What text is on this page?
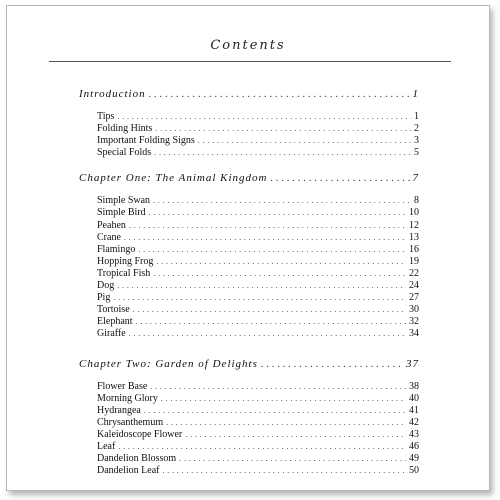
Contents
Introduction . . .	1
Tips . . .	1
Folding Hints . . .	2
Important Folding Signs . . .	3
Special Folds . . .	5
Chapter One: The Animal Kingdom . . .	7
Simple Swan . . .	8
Simple Bird . . .	10
Peahen . . .	12
Crane . . .	13
Flamingo . . .	16
Hopping Frog . . .	19
Tropical Fish . . .	22
Dog . . .	24
Pig . . .	27
Tortoise . . .	30
Elephant . . .	32
Giraffe . . .	34
Chapter Two: Garden of Delights . . .	37
Flower Base . . .	38
Morning Glory . . .	40
Hydrangea . . .	41
Chrysanthemum . . .	42
Kaleidoscope Flower . . .	43
Leaf . . .	46
Dandelion Blossom . . .	49
Dandelion Leaf . . .	50
